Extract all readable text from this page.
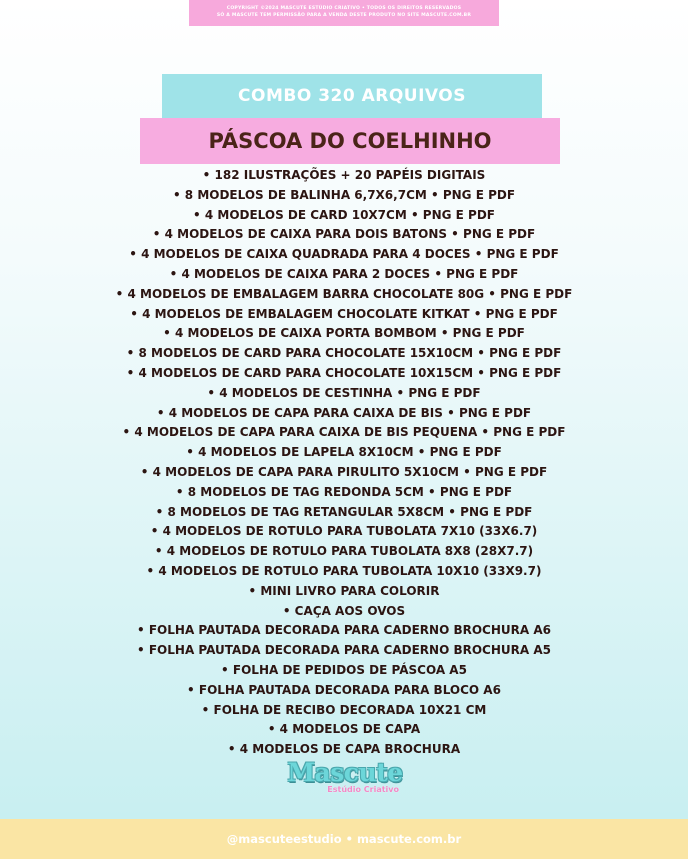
COPYRIGHT ©2024 MASCUTE ESTÚDIO CRIATIVO • TODOS OS DIREITOS RESERVADOS
SÓ A MASCUTE TEM PERMISSÃO PARA A VENDA DESTE PRODUTO NO SITE MASCUTE.COM.BR
COMBO 320 ARQUIVOS
PÁSCOA DO COELHINHO
• 182 ILUSTRAÇÕES + 20 PAPÉIS DIGITAIS
• 8 MODELOS DE BALINHA 6,7X6,7CM • PNG E PDF
• 4 MODELOS DE CARD 10X7CM • PNG E PDF
• 4 MODELOS DE CAIXA PARA DOIS BATONS • PNG E PDF
• 4 MODELOS DE CAIXA QUADRADA PARA 4 DOCES • PNG E PDF
• 4 MODELOS DE CAIXA PARA 2 DOCES • PNG E PDF
• 4 MODELOS DE EMBALAGEM BARRA CHOCOLATE 80G • PNG E PDF
• 4 MODELOS DE EMBALAGEM CHOCOLATE KITKAT • PNG E PDF
• 4 MODELOS DE CAIXA PORTA BOMBOM • PNG E PDF
• 8 MODELOS DE CARD PARA CHOCOLATE 15X10CM • PNG E PDF
• 4 MODELOS DE CARD PARA CHOCOLATE 10X15CM • PNG E PDF
• 4 MODELOS DE CESTINHA • PNG E PDF
• 4 MODELOS DE CAPA PARA CAIXA DE BIS • PNG E PDF
• 4 MODELOS DE CAPA PARA CAIXA DE BIS PEQUENA • PNG E PDF
• 4 MODELOS DE LAPELA 8X10CM • PNG E PDF
• 4 MODELOS DE CAPA PARA PIRULITO 5X10CM • PNG E PDF
• 8 MODELOS DE TAG REDONDA 5CM • PNG E PDF
• 8 MODELOS DE TAG RETANGULAR 5X8CM • PNG E PDF
• 4 MODELOS DE ROTULO PARA TUBOLATA 7X10 (33X6.7)
• 4 MODELOS DE ROTULO PARA TUBOLATA 8X8 (28X7.7)
• 4 MODELOS DE ROTULO PARA TUBOLATA 10X10 (33X9.7)
• MINI LIVRO PARA COLORIR
• CAÇA AOS OVOS
• FOLHA PAUTADA DECORADA PARA CADERNO BROCHURA A6
• FOLHA PAUTADA DECORADA PARA CADERNO BROCHURA A5
• FOLHA DE PEDIDOS DE PÁSCOA A5
• FOLHA PAUTADA DECORADA PARA BLOCO A6
• FOLHA DE RECIBO DECORADA 10X21 CM
• 4 MODELOS DE CAPA
• 4 MODELOS DE CAPA BROCHURA
Mascute
Estúdio Criativo
@mascuteestudio • mascute.com.br
